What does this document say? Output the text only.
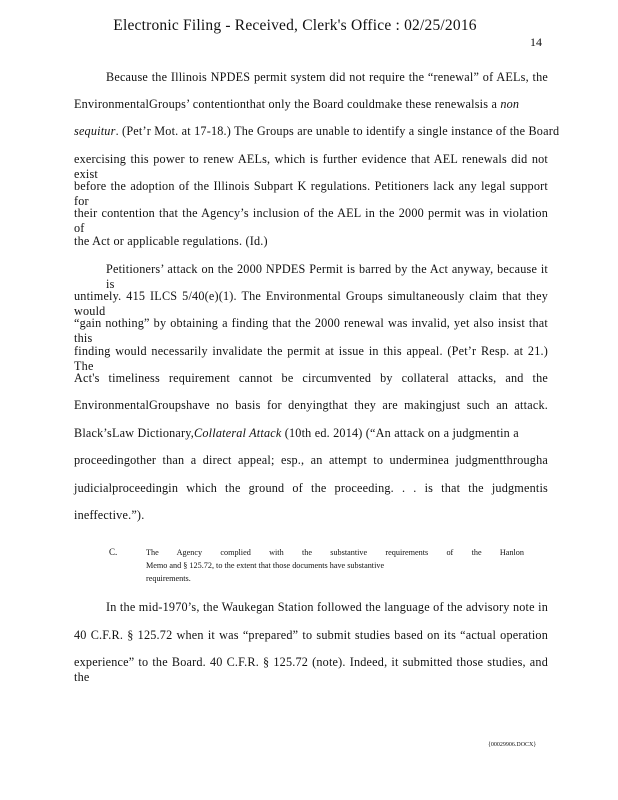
Electronic Filing - Received, Clerk's Office : 02/25/2016
14
Because the Illinois NPDES permit system did not require the “renewal” of AELs, the
EnvironmentalGroups’ contentionthat only the Board couldmake these renewalsis a non
sequitur. (Pet’r Mot. at 17-18.) The Groups are unable to identify a single instance of the Board
exercising this power to renew AELs, which is further evidence that AEL renewals did not exist
before the adoption of the Illinois Subpart K regulations. Petitioners lack any legal support for
their contention that the Agency’s inclusion of the AEL in the 2000 permit was in violation of
the Act or applicable regulations. (Id.)
Petitioners’ attack on the 2000 NPDES Permit is barred by the Act anyway, because it is
untimely. 415 ILCS 5/40(e)(1). The Environmental Groups simultaneously claim that they would
“gain nothing” by obtaining a finding that the 2000 renewal was invalid, yet also insist that this
finding would necessarily invalidate the permit at issue in this appeal. (Pet’r Resp. at 21.) The
Act's timeliness requirement cannot be circumvented by collateral attacks, and the
EnvironmentalGroupshave no basis for denyingthat they are makingjust such an attack.
Black’sLaw Dictionary,Collateral Attack (10th ed. 2014) (“An attack on a judgmentin a
proceedingother than a direct appeal; esp., an attempt to underminea judgmentthrougha
judicialproceedingin which the ground of the proceeding. . . is that the judgmentis
ineffective.”).
C.	The Agency complied with the substantive requirements of the Hanlon
Memo and § 125.72, to the extent that those documents have substantive
requirements.
In the mid-1970’s, the Waukegan Station followed the language of the advisory note in
40 C.F.R. § 125.72 when it was “prepared” to submit studies based on its “actual operation
experience” to the Board. 40 C.F.R. § 125.72 (note). Indeed, it submitted those studies, and the
{00029906.DOCX}
